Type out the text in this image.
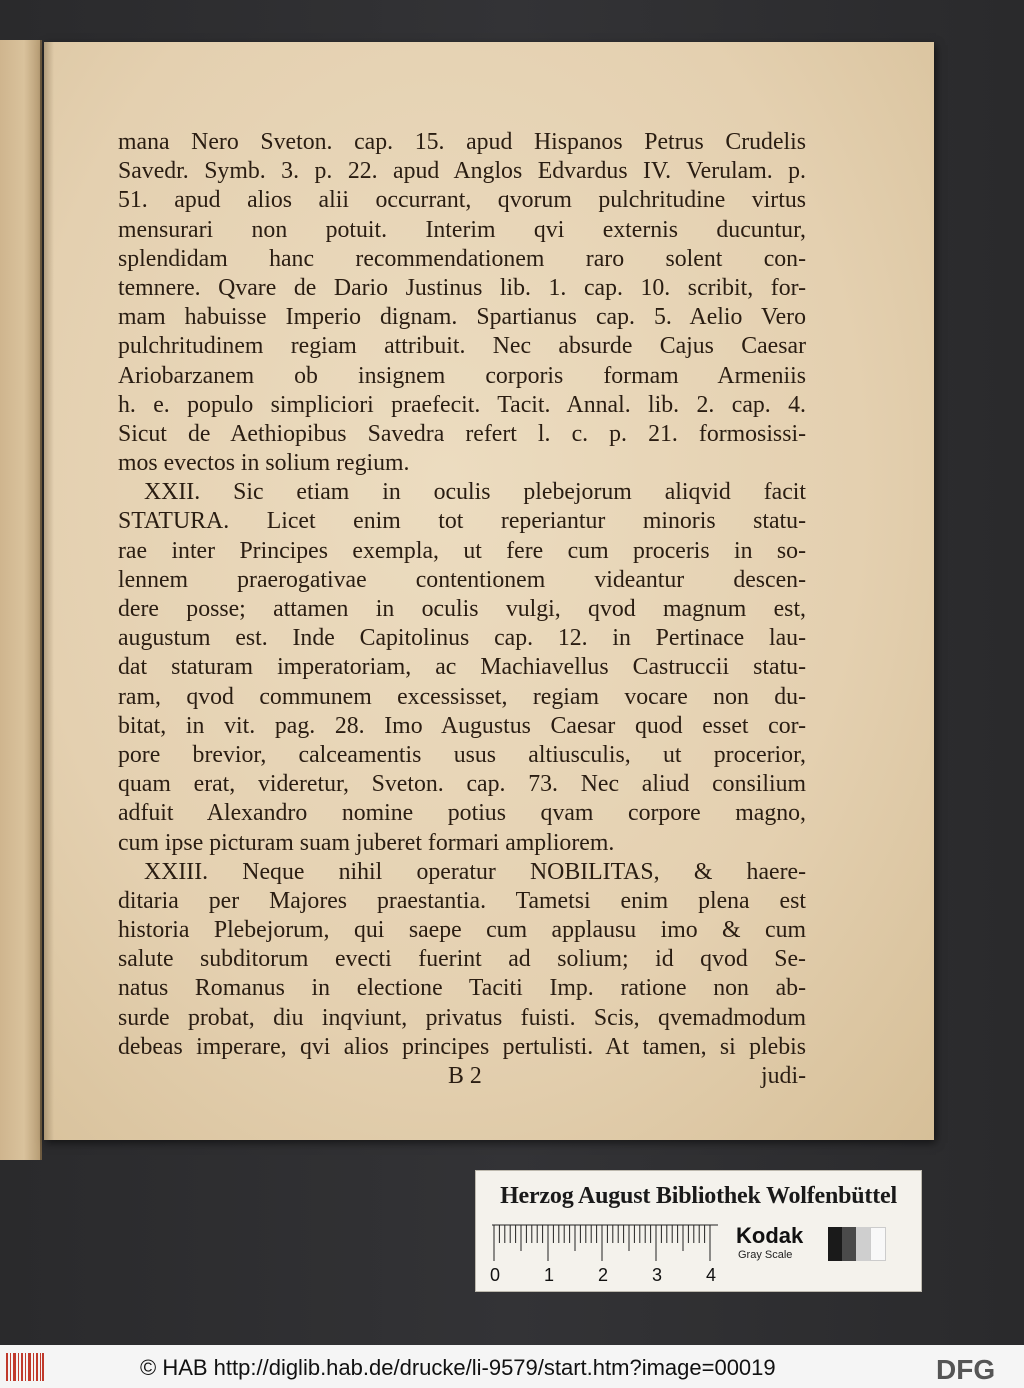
mana Nero Sveton. cap. 15. apud Hispanos Petrus Crudelis
Savedr. Symb. 3. p. 22. apud Anglos Edvardus IV. Verulam. p.
51. apud alios alii occurrant, qvorum pulchritudine virtus
mensurari non potuit. Interim qvi externis ducuntur,
splendidam hanc recommendationem raro solent con-
temnere. Qvare de Dario Justinus lib. 1. cap. 10. scribit, for-
mam habuisse Imperio dignam. Spartianus cap. 5. Aelio Vero
pulchritudinem regiam attribuit. Nec absurde Cajus Caesar
Ariobarzanem ob insignem corporis formam Armeniis
h. e. populo simpliciori praefecit. Tacit. Annal. lib. 2. cap. 4.
Sicut de Aethiopibus Savedra refert l. c. p. 21. formosissi-
mos evectos in solium regium.
XXII. Sic etiam in oculis plebejorum aliqvid facit
STATURA. Licet enim tot reperiantur minoris statu-
rae inter Principes exempla, ut fere cum proceris in so-
lennem praerogativae contentionem videantur descen-
dere posse; attamen in oculis vulgi, qvod magnum est,
augustum est. Inde Capitolinus cap. 12. in Pertinace lau-
dat staturam imperatoriam, ac Machiavellus Castruccii statu-
ram, qvod communem excessisset, regiam vocare non du-
bitat, in vit. pag. 28. Imo Augustus Caesar quod esset cor-
pore brevior, calceamentis usus altiusculis, ut procerior,
quam erat, videretur, Sveton. cap. 73. Nec aliud consilium
adfuit Alexandro nomine potius qvam corpore magno,
cum ipse picturam suam juberet formari ampliorem.
XXIII. Neque nihil operatur NOBILITAS, & haere-
ditaria per Majores praestantia. Tametsi enim plena est
historia Plebejorum, qui saepe cum applausu imo & cum
salute subditorum evecti fuerint ad solium; id qvod Se-
natus Romanus in electione Taciti Imp. ratione non ab-
surde probat, diu inqviunt, privatus fuisti. Scis, qvemadmodum
debeas imperare, qvi alios principes pertulisti. At tamen, si plebis
B 2	judi-
Herzog August Bibliothek Wolfenbüttel
0 1 2 3 4
Kodak
Gray Scale
© HAB http://diglib.hab.de/drucke/li-9579/start.htm?image=00019	DFG
